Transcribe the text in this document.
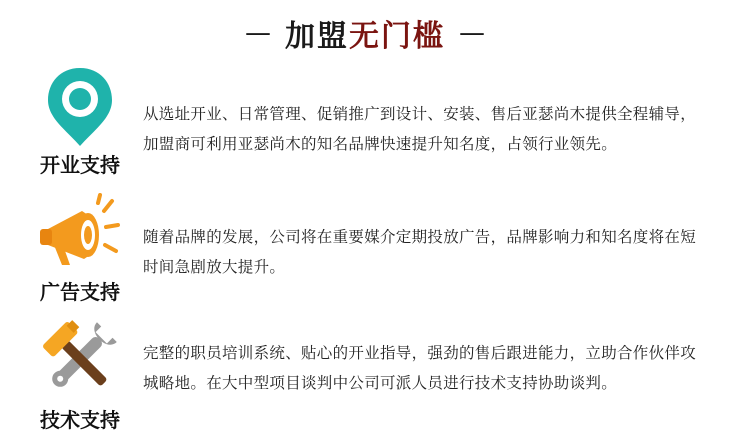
— 加盟 无门槛 —
开业支持
从选址开业、日常管理、促销推广到设计、安装、售后亚瑟尚木提供全程辅导，加盟商可利用亚瑟尚木的知名品牌快速提升知名度，占领行业领先。
广告支持
随着品牌的发展，公司将在重要媒介定期投放广告，品牌影响力和知名度将在短时间急剧放大提升。
技术支持
完整的职员培训系统、贴心的开业指导，强劲的售后跟进能力，立助合作伙伴攻城略地。在大中型项目谈判中公司可派人员进行技术支持协助谈判。
